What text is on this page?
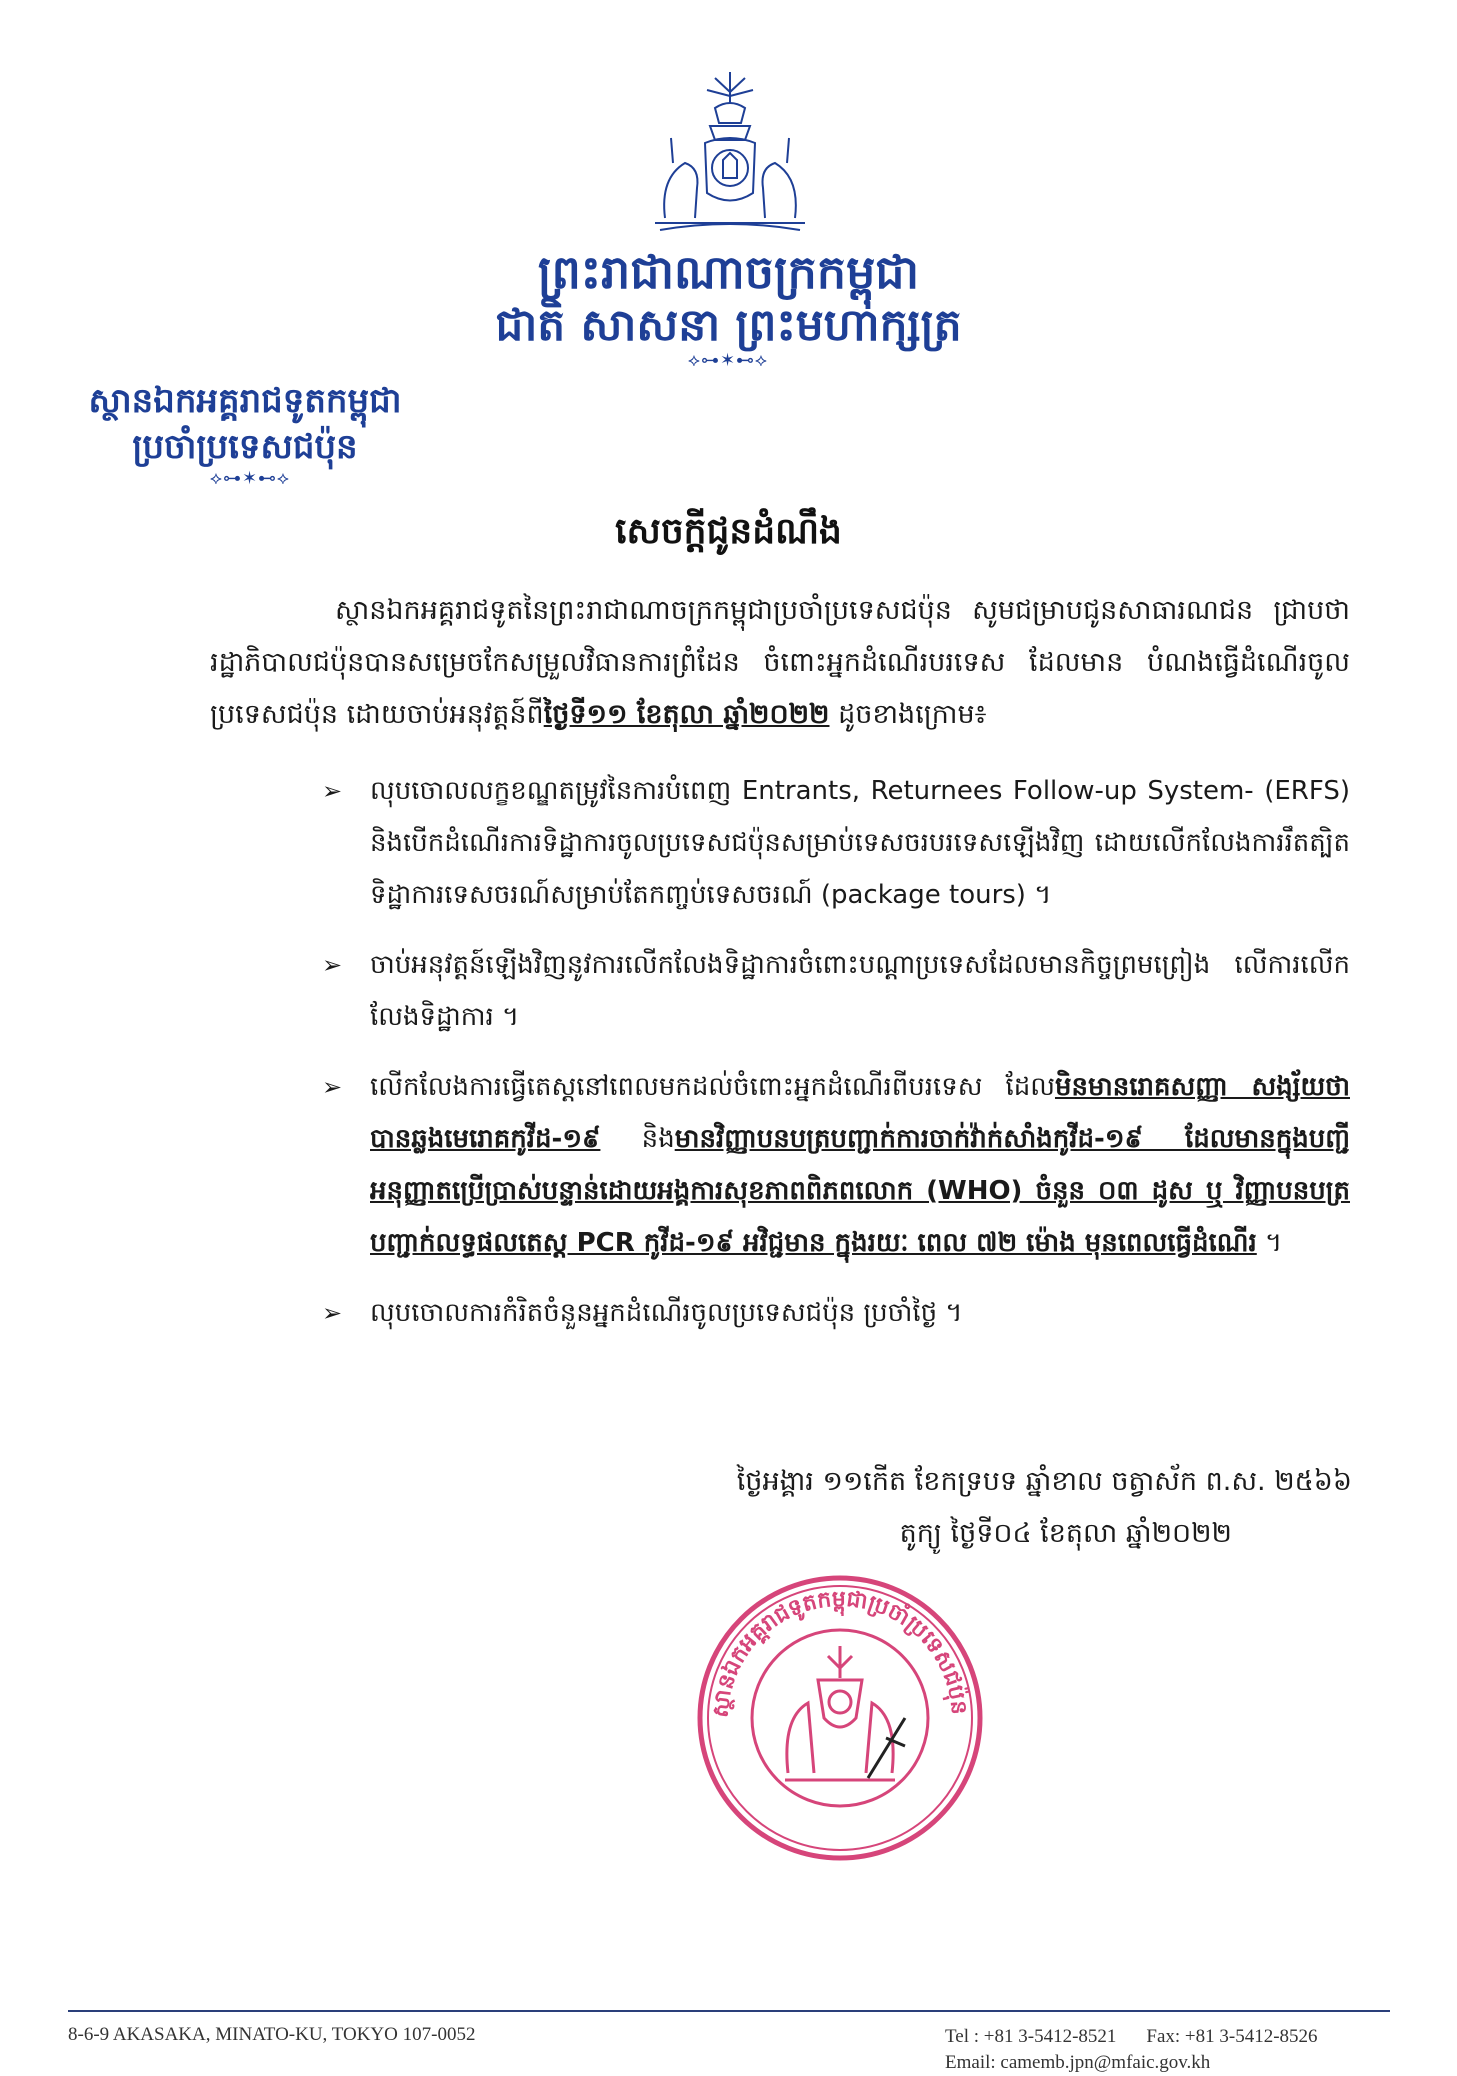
ព្រះរាជាណាចក្រកម្ពុជា
ជាតិ សាសនា ព្រះមហាក្សត្រ
⟡⊶✶⊷⟡
ស្ថានឯកអគ្គរាជទូតកម្ពុជា
ប្រចាំប្រទេសជប៉ុន
⟡⊶✶⊷⟡
សេចក្តីជូនដំណឹង
ស្ថានឯកអគ្គរាជទូតនៃព្រះរាជាណាចក្រកម្ពុជាប្រចាំប្រទេសជប៉ុន សូមជម្រាបជូនសាធារណជន ជ្រាបថា រដ្ឋាភិបាលជប៉ុនបានសម្រេចកែសម្រួលវិធានការព្រំដែន ចំពោះអ្នកដំណើរបរទេស ដែលមាន បំណងធ្វើដំណើរចូលប្រទេសជប៉ុន ដោយចាប់អនុវត្តន៍ពីថ្ងៃទី១១ ខែតុលា ឆ្នាំ២០២២ ដូចខាងក្រោម៖
➢ លុបចោលលក្ខខណ្ឌតម្រូវនៃការបំពេញ Entrants, Returnees Follow-up System- (ERFS) និងបើកដំណើរការទិដ្ឋាការចូលប្រទេសជប៉ុនសម្រាប់ទេសចរបរទេសឡើងវិញ ដោយលើកលែងការរឹតត្បិតទិដ្ឋាការទេសចរណ៍សម្រាប់តែកញ្ចប់ទេសចរណ៍ (package tours) ។
➢ ចាប់អនុវត្តន៍ឡើងវិញនូវការលើកលែងទិដ្ឋាការចំពោះបណ្តាប្រទេសដែលមានកិច្ចព្រមព្រៀង លើការលើកលែងទិដ្ឋាការ ។
➢ លើកលែងការធ្វើតេស្តនៅពេលមកដល់ចំពោះអ្នកដំណើរពីបរទេស ដែលមិនមានរោគសញ្ញា សង្ស័យថាបានឆ្លងមេរោគកូវីដ-១៩ និងមានវិញ្ញាបនបត្របញ្ជាក់ការចាក់វ៉ាក់សាំងកូវីដ-១៩ ដែលមានក្នុងបញ្ជីអនុញ្ញាតប្រើប្រាស់បន្ទាន់ដោយអង្គការសុខភាពពិភពលោក (WHO) ចំនួន ០៣ ដូស ឬ វិញ្ញាបនបត្របញ្ជាក់លទ្ធផលតេស្ត PCR កូវីដ-១៩ អវិជ្ជមាន ក្នុងរយៈ ពេល ៧២ ម៉ោង មុនពេលធ្វើដំណើរ ។
➢ លុបចោលការកំរិតចំនួនអ្នកដំណើរចូលប្រទេសជប៉ុន ប្រចាំថ្ងៃ ។
ថ្ងៃអង្គារ ១១កើត ខែកទ្របទ ឆ្នាំខាល ចត្វាស័ក ព.ស. ២៥៦៦
តូក្យូ ថ្ងៃទី០៤ ខែតុលា ឆ្នាំ២០២២
ស្ថានឯកអគ្គរាជទូតកម្ពុជាប្រចាំប្រទេសជប៉ុន
8-6-9 AKASAKA, MINATO-KU, TOKYO 107-0052	Tel : +81 3-5412-8521 Fax: +81 3-5412-8526
Email: camemb.jpn@mfaic.gov.kh
